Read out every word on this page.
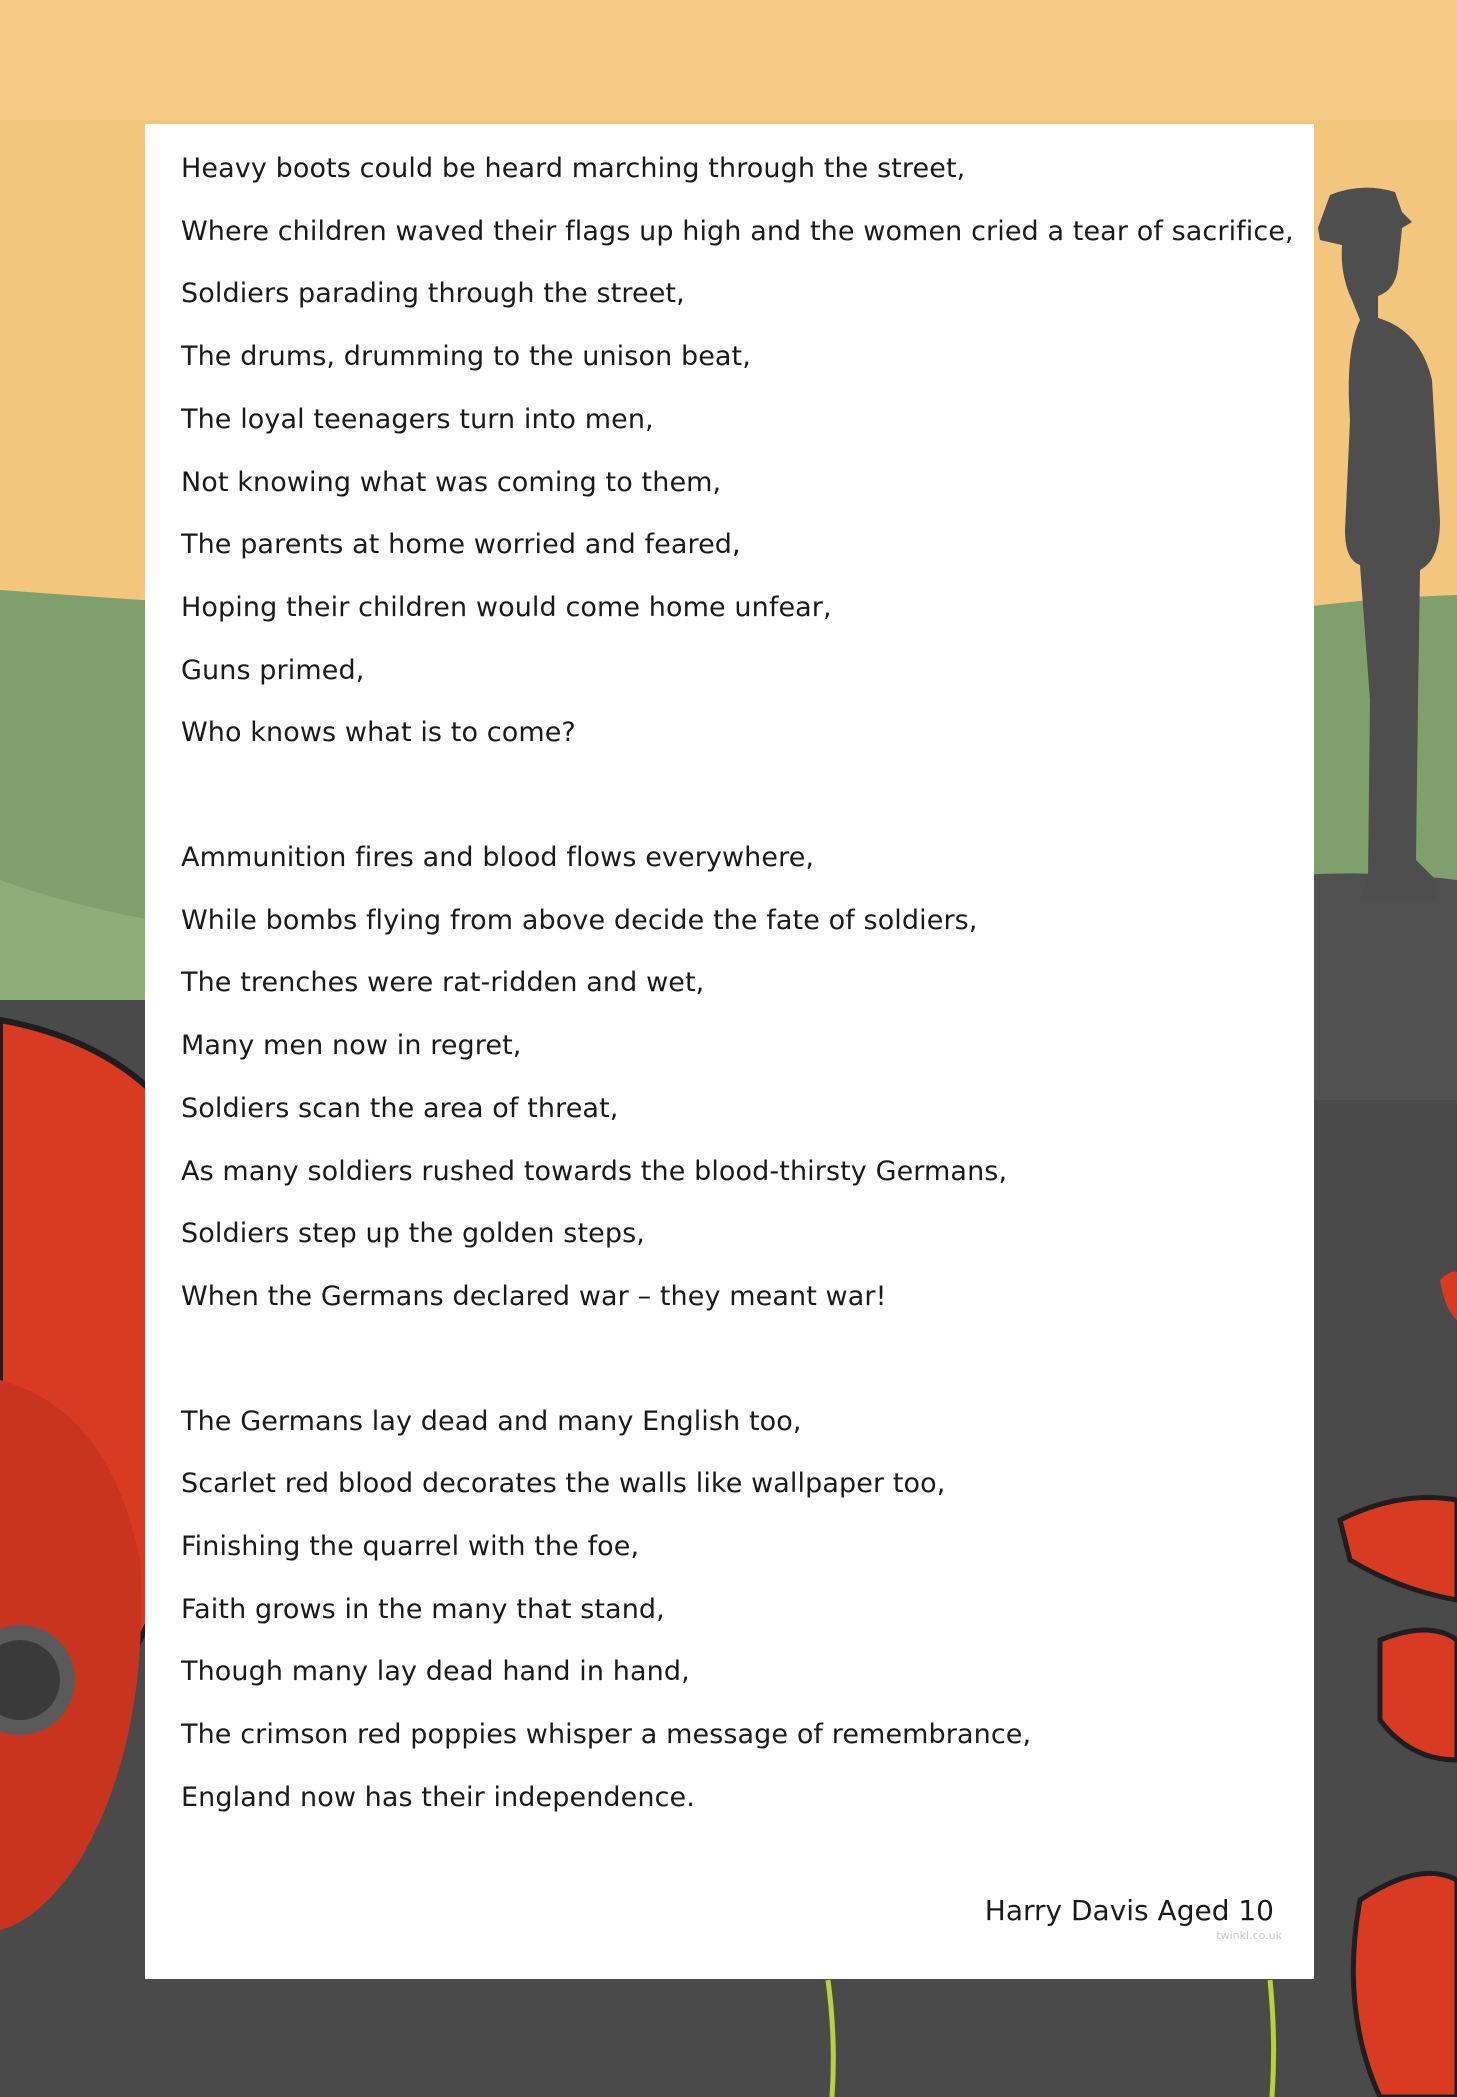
Heavy boots could be heard marching through the street,
Where children waved their flags up high and the women cried a tear of sacrifice,
Soldiers parading through the street,
The drums, drumming to the unison beat,
The loyal teenagers turn into men,
Not knowing what was coming to them,
The parents at home worried and feared,
Hoping their children would come home unfear,
Guns primed,
Who knows what is to come?
Ammunition fires and blood flows everywhere,
While bombs flying from above decide the fate of soldiers,
The trenches were rat-ridden and wet,
Many men now in regret,
Soldiers scan the area of threat,
As many soldiers rushed towards the blood-thirsty Germans,
Soldiers step up the golden steps,
When the Germans declared war – they meant war!
The Germans lay dead and many English too,
Scarlet red blood decorates the walls like wallpaper too,
Finishing the quarrel with the foe,
Faith grows in the many that stand,
Though many lay dead hand in hand,
The crimson red poppies whisper a message of remembrance,
England now has their independence.
Harry Davis Aged 10
twinkl.co.uk
